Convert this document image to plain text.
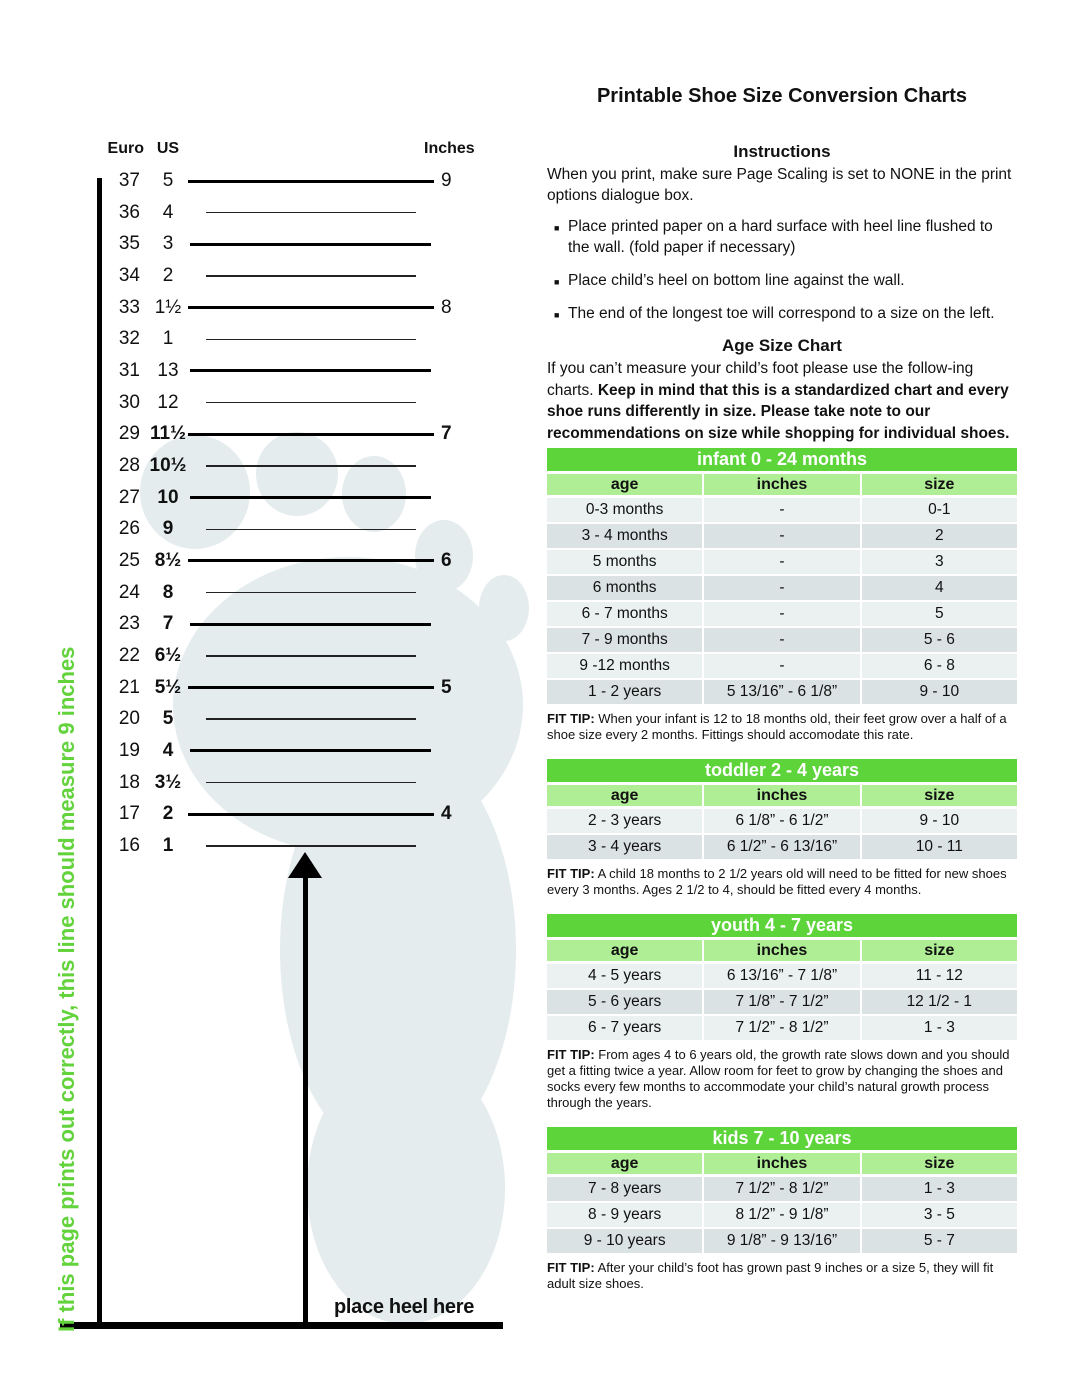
Euro US	Inches
37	5	9
36	4
35	3
34	2
33 1½	8
32	1
31 13
30 12
29 11½	7
28 10½
27 10
26	9
25 8½	6
24	8
23	7
22 6½
21 5½	5
20	5
19	4
18 3½
17	2	4
16	1
place heel here
If this page prints out correctly, this line should measure 9 inches
Printable Shoe Size Conversion Charts
Instructions

When you print, make sure Page Scaling is set to NONE in the print options dialogue box.

■ Place printed paper on a hard surface with heel line flushed to the wall. (fold paper if necessary)
■ Place child’s heel on bottom line against the wall.
■ The end of the longest toe will correspond to a size on the left.
Age Size Chart

If you can’t measure your child’s foot please use the follow-ing charts. Keep in mind that this is a standardized chart and every shoe runs differently in size. Please take note to our recommendations on size while shopping for individual shoes.

infant 0 - 24 months
age	inches	size
0-3 months	-	0-1
3 - 4 months	-	2
5 months	-	3
6 months	-	4
6 - 7 months	-	5
7 - 9 months	-	5 - 6
9 -12 months	-	6 - 8
1 - 2 years	5 13/16” - 6 1/8”	9 - 10

FIT TIP: When your infant is 12 to 18 months old, their feet grow over a half of a shoe size every 2 months. Fittings should accomodate this rate.

toddler 2 - 4 years
age	inches	size
2 - 3 years	6 1/8” - 6 1/2”	9 - 10
3 - 4 years	6 1/2” - 6 13/16”	10 - 11

FIT TIP: A child 18 months to 2 1/2 years old will need to be fitted for new shoes every 3 months. Ages 2 1/2 to 4, should be fitted every 4 months.

youth 4 - 7 years
age	inches	size
4 - 5 years	6 13/16” - 7 1/8”	11 - 12
5 - 6 years	7 1/8” - 7 1/2”	12 1/2 - 1
6 - 7 years	7 1/2” - 8 1/2”	1 - 3

FIT TIP: From ages 4 to 6 years old, the growth rate slows down and you should get a fitting twice a year. Allow room for feet to grow by changing the shoes and socks every few months to accommodate your child’s natural growth process through the years.

kids 7 - 10 years
age	inches	size
7 - 8 years	7 1/2” - 8 1/2”	1 - 3
8 - 9 years	8 1/2” - 9 1/8”	3 - 5
9 - 10 years	9 1/8” - 9 13/16”	5 - 7

FIT TIP: After your child’s foot has grown past 9 inches or a size 5, they will fit adult size shoes.
